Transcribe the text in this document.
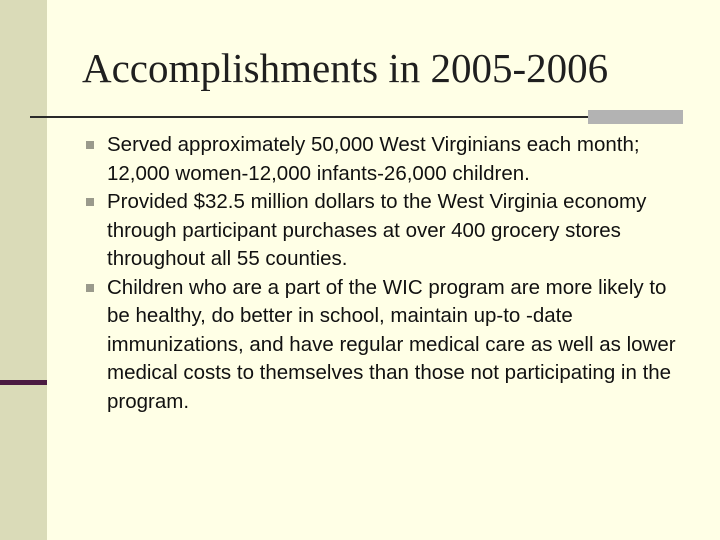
Accomplishments in 2005-2006
Served approximately 50,000 West Virginians each month; 12,000 women-12,000 infants-26,000 children.
Provided $32.5 million dollars to the West Virginia economy through participant purchases at over 400 grocery stores throughout all 55 counties.
Children who are a part of the WIC program are more likely to be healthy, do better in school, maintain up-to -date immunizations, and have regular medical care as well as lower medical costs to themselves than those not participating in the program.
